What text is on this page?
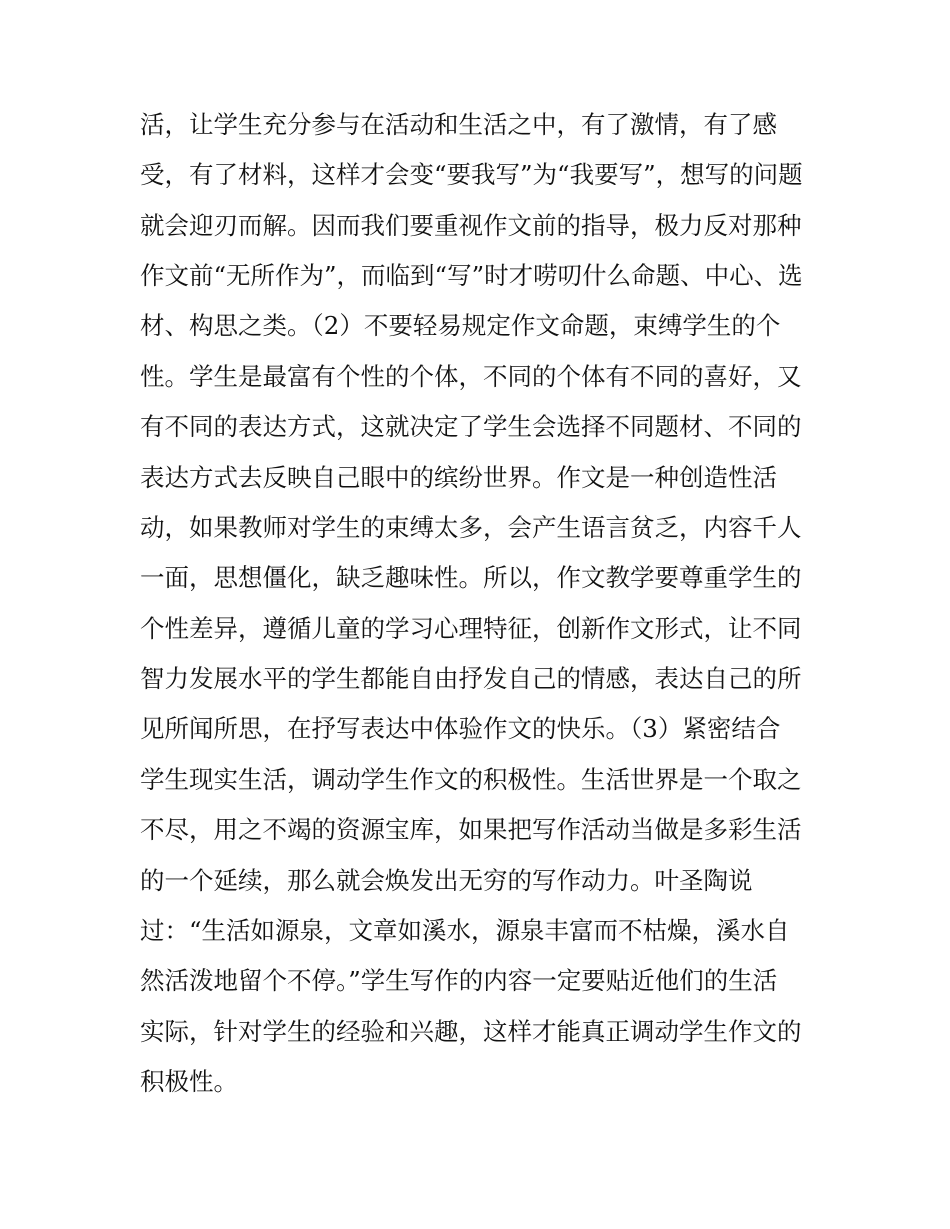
活，让学生充分参与在活动和生活之中，有了激情，有了感
受，有了材料，这样才会变“要我写”为“我要写”，想写的问题
就会迎刃而解。因而我们要重视作文前的指导，极力反对那种
作文前“无所作为”，而临到“写”时才唠叨什么命题、中心、选
材、构思之类。（2）不要轻易规定作文命题，束缚学生的个
性。学生是最富有个性的个体，不同的个体有不同的喜好，又
有不同的表达方式，这就决定了学生会选择不同题材、不同的
表达方式去反映自己眼中的缤纷世界。作文是一种创造性活
动，如果教师对学生的束缚太多，会产生语言贫乏，内容千人
一面，思想僵化，缺乏趣味性。所以，作文教学要尊重学生的
个性差异，遵循儿童的学习心理特征，创新作文形式，让不同
智力发展水平的学生都能自由抒发自己的情感，表达自己的所
见所闻所思，在抒写表达中体验作文的快乐。（3）紧密结合
学生现实生活，调动学生作文的积极性。生活世界是一个取之
不尽，用之不竭的资源宝库，如果把写作活动当做是多彩生活
的一个延续，那么就会焕发出无穷的写作动力。叶圣陶说
过：“生活如源泉，文章如溪水，源泉丰富而不枯燥，溪水自
然活泼地留个不停。”学生写作的内容一定要贴近他们的生活
实际，针对学生的经验和兴趣，这样才能真正调动学生作文的
积极性。
